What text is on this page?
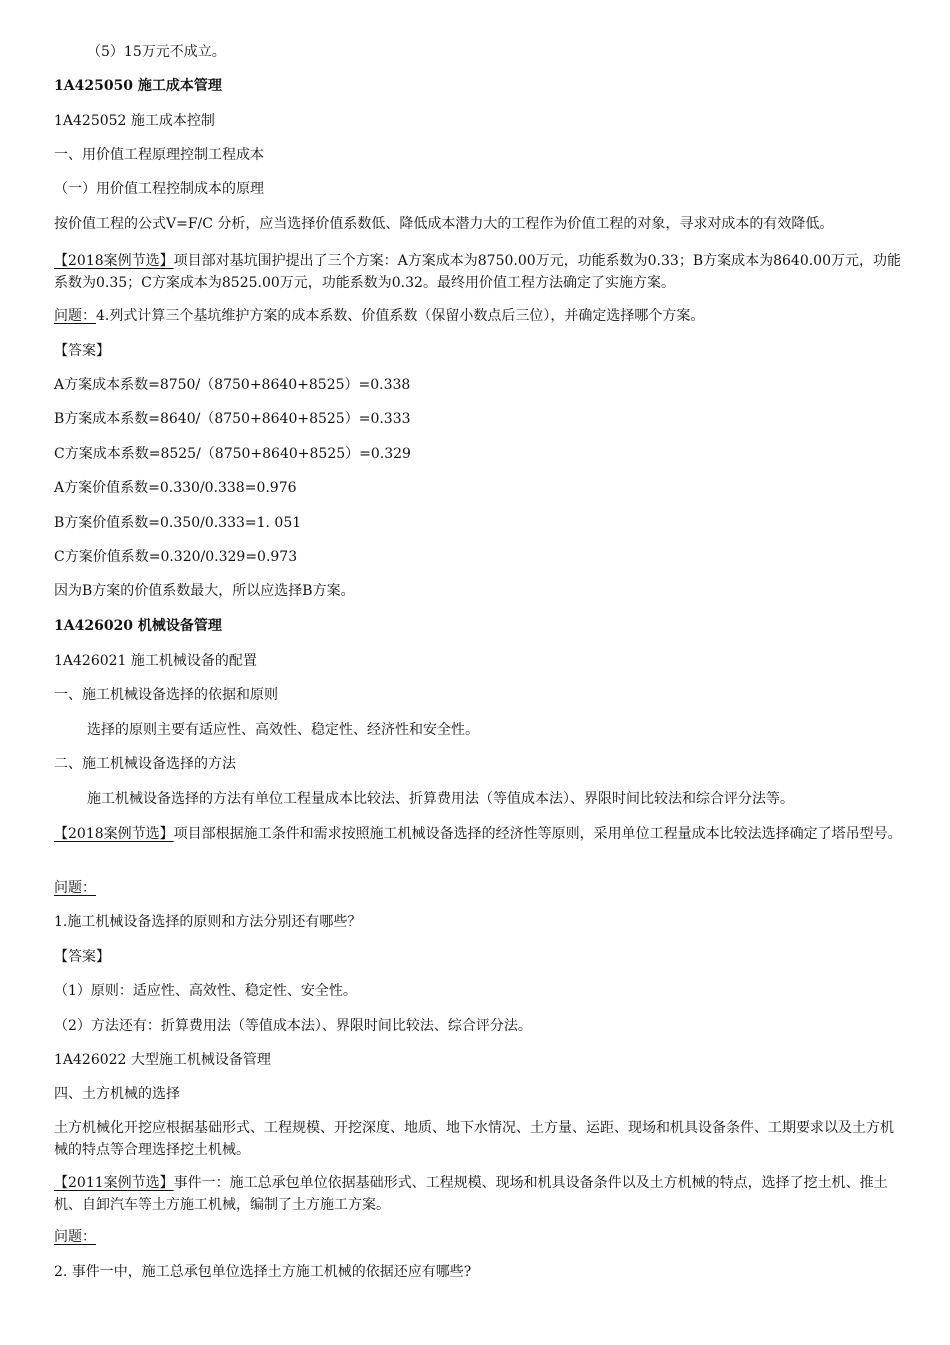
（5）15万元不成立。
1A425050 施工成本管理
1A425052 施工成本控制
一、用价值工程原理控制工程成本
（一）用价值工程控制成本的原理
按价值工程的公式V=F/C 分析，应当选择价值系数低、降低成本潜力大的工程作为价值工程的对象，寻求对成本的有效降低。
【2018案例节选】项目部对基坑围护提出了三个方案：A方案成本为8750.00万元，功能系数为0.33；B方案成本为8640.00万元，功能系数为0.35；C方案成本为8525.00万元，功能系数为0.32。最终用价值工程方法确定了实施方案。
问题：4.列式计算三个基坑维护方案的成本系数、价值系数（保留小数点后三位），并确定选择哪个方案。
【答案】
A方案成本系数=8750/（8750+8640+8525）=0.338
B方案成本系数=8640/（8750+8640+8525）=0.333
C方案成本系数=8525/（8750+8640+8525）=0.329
A方案价值系数=0.330/0.338=0.976
B方案价值系数=0.350/0.333=1. 051
C方案价值系数=0.320/0.329=0.973
因为B方案的价值系数最大，所以应选择B方案。
1A426020 机械设备管理
1A426021 施工机械设备的配置
一、施工机械设备选择的依据和原则
选择的原则主要有适应性、高效性、稳定性、经济性和安全性。
二、施工机械设备选择的方法
施工机械设备选择的方法有单位工程量成本比较法、折算费用法（等值成本法）、界限时间比较法和综合评分法等。
【2018案例节选】项目部根据施工条件和需求按照施工机械设备选择的经济性等原则，采用单位工程量成本比较法选择确定了塔吊型号。
问题：
1.施工机械设备选择的原则和方法分别还有哪些？
【答案】
（1）原则：适应性、高效性、稳定性、安全性。
（2）方法还有：折算费用法（等值成本法）、界限时间比较法、综合评分法。
1A426022 大型施工机械设备管理
四、土方机械的选择
土方机械化开挖应根据基础形式、工程规模、开挖深度、地质、地下水情况、土方量、运距、现场和机具设备条件、工期要求以及土方机械的特点等合理选择挖土机械。
【2011案例节选】事件一：施工总承包单位依据基础形式、工程规模、现场和机具设备条件以及土方机械的特点，选择了挖土机、推土机、自卸汽车等土方施工机械，编制了土方施工方案。
问题：
2. 事件一中，施工总承包单位选择土方施工机械的依据还应有哪些?
